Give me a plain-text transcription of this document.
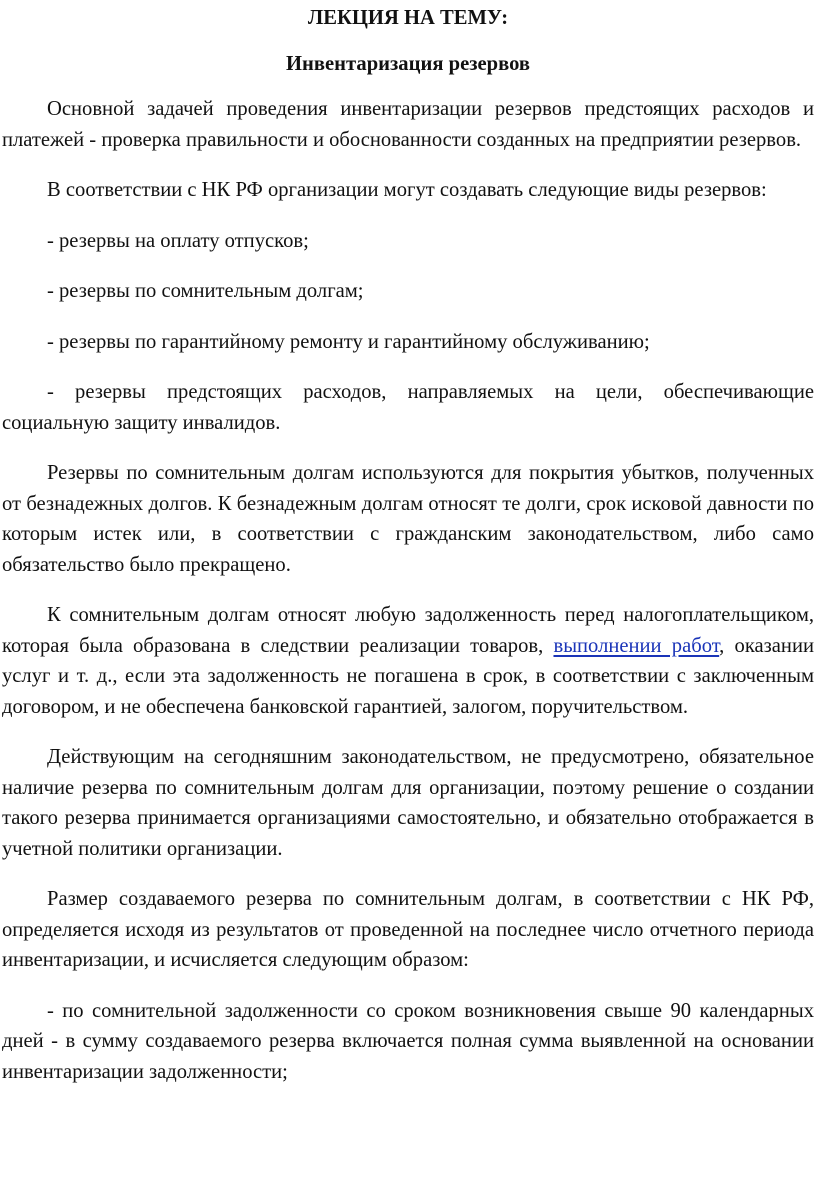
ЛЕКЦИЯ НА ТЕМУ:

Инвентаризация резервов

Основной задачей проведения инвентаризации резервов предстоящих расходов и платежей - проверка правильности и обоснованности созданных на предприятии резервов.

В соответствии с НК РФ организации могут создавать следующие виды резервов:

- резервы на оплату отпусков;

- резервы по сомнительным долгам;

- резервы по гарантийному ремонту и гарантийному обслуживанию;

- резервы предстоящих расходов, направляемых на цели, обеспечивающие социальную защиту инвалидов.

Резервы по сомнительным долгам используются для покрытия убытков, полученных от безнадежных долгов. К безнадежным долгам относят те долги, срок исковой давности по которым истек или, в соответствии с гражданским законодательством, либо само обязательство было прекращено.

К сомнительным долгам относят любую задолженность перед налогоплательщиком, которая была образована в следствии реализации товаров, выполнении работ, оказании услуг и т. д., если эта задолженность не погашена в срок, в соответствии с заключенным договором, и не обеспечена банковской гарантией, залогом, поручительством.

Действующим на сегодняшним законодательством, не предусмотрено, обязательное наличие резерва по сомнительным долгам для организации, поэтому решение о создании такого резерва принимается организациями самостоятельно, и обязательно отображается в учетной политики организации.

Размер создаваемого резерва по сомнительным долгам, в соответствии с НК РФ, определяется исходя из результатов от проведенной на последнее число отчетного периода инвентаризации, и исчисляется следующим образом:

- по сомнительной задолженности со сроком возникновения свыше 90 календарных дней - в сумму создаваемого резерва включается полная сумма выявленной на основании инвентаризации задолженности;
